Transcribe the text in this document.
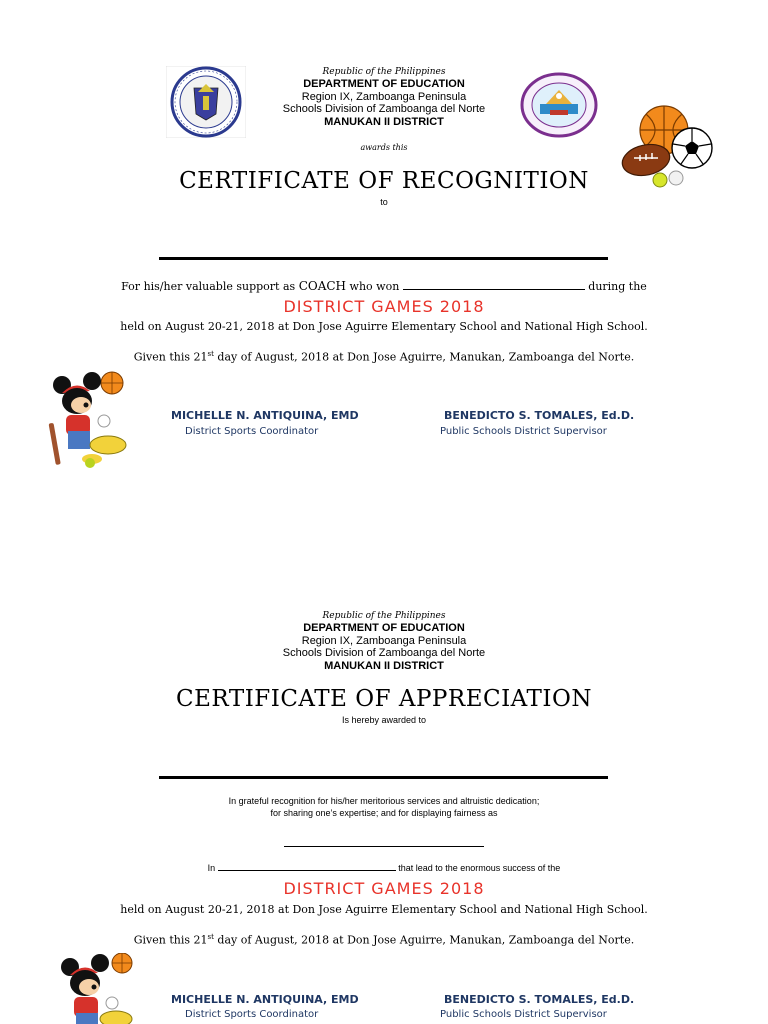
Republic of the Philippines
DEPARTMENT OF EDUCATION
Region IX, Zamboanga Peninsula
Schools Division of Zamboanga del Norte
MANUKAN II DISTRICT
awards this
CERTIFICATE OF RECOGNITION
to
For his/her valuable support as COACH who won	during the
DISTRICT GAMES 2018
held on August 20-21, 2018 at Don Jose Aguirre Elementary School and National High School.
Given this 21st day of August, 2018 at Don Jose Aguirre, Manukan, Zamboanga del Norte.
MICHELLE N. ANTIQUINA, EMD
District Sports Coordinator
BENEDICTO S. TOMALES, Ed.D.
Public Schools District Supervisor
Republic of the Philippines
DEPARTMENT OF EDUCATION
Region IX, Zamboanga Peninsula
Schools Division of Zamboanga del Norte
MANUKAN II DISTRICT
CERTIFICATE OF APPRECIATION
Is hereby awarded to
In grateful recognition for his/her meritorious services and altruistic dedication;
for sharing one’s expertise; and for displaying fairness as
In	that lead to the enormous success of the
DISTRICT GAMES 2018
held on August 20-21, 2018 at Don Jose Aguirre Elementary School and National High School.
Given this 21st day of August, 2018 at Don Jose Aguirre, Manukan, Zamboanga del Norte.
MICHELLE N. ANTIQUINA, EMD
District Sports Coordinator
BENEDICTO S. TOMALES, Ed.D.
Public Schools District Supervisor
